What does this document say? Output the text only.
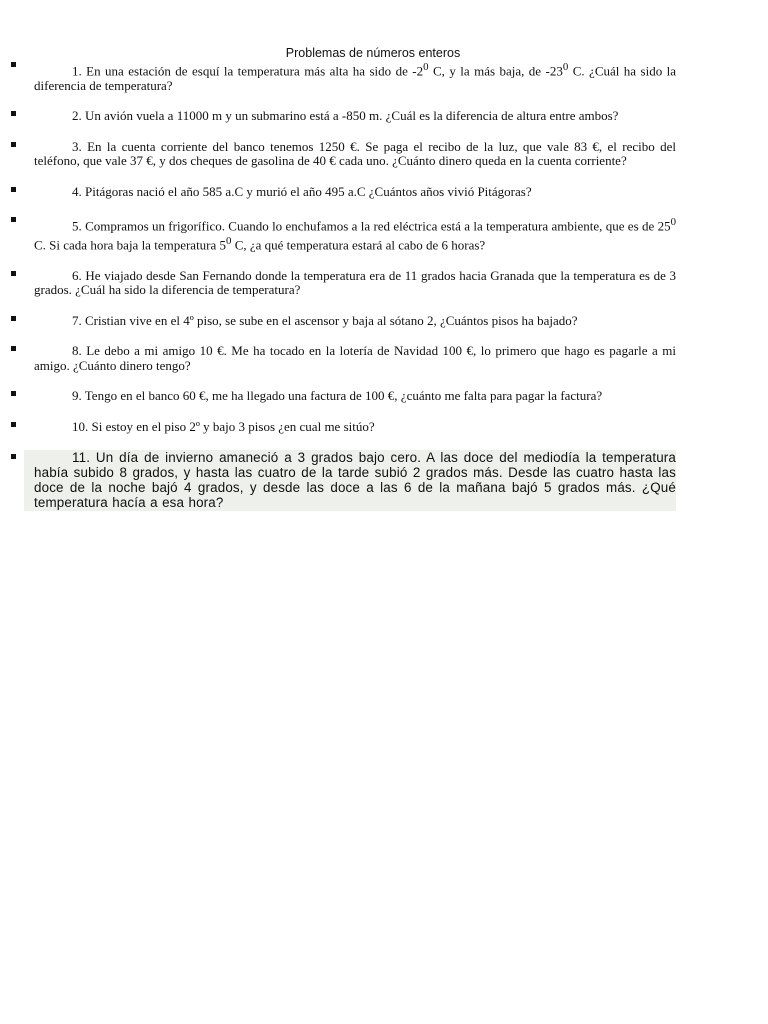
Problemas de números enteros
1. En una estación de esquí la temperatura más alta ha sido de $-2^0$ C, y la más baja, de $-23^0$ C. ¿Cuál ha sido la diferencia de temperatura?
2. Un avión vuela a 11000 m y un submarino está a -850 m. ¿Cuál es la diferencia de altura entre ambos?
3. En la cuenta corriente del banco tenemos 1250 €. Se paga el recibo de la luz, que vale 83 €, el recibo del teléfono, que vale 37 €, y dos cheques de gasolina de 40 € cada uno. ¿Cuánto dinero queda en la cuenta corriente?
4. Pitágoras nació el año 585 a.C y murió el año 495 a.C ¿Cuántos años vivió Pitágoras?
5. Compramos un frigorífico. Cuando lo enchufamos a la red eléctrica está a la temperatura ambiente, que es de $25^0$ C. Si cada hora baja la temperatura $5^0$ C, ¿a qué temperatura estará al cabo de 6 horas?
6. He viajado desde San Fernando donde la temperatura era de 11 grados hacia Granada que la temperatura es de 3 grados. ¿Cuál ha sido la diferencia de temperatura?
7. Cristian vive en el 4º piso, se sube en el ascensor y baja al sótano 2, ¿Cuántos pisos ha bajado?
8. Le debo a mi amigo 10 €. Me ha tocado en la lotería de Navidad 100 €, lo primero que hago es pagarle a mi amigo. ¿Cuánto dinero tengo?
9. Tengo en el banco 60 €, me ha llegado una factura de 100 €, ¿cuánto me falta para pagar la factura?
10. Si estoy en el piso 2º y bajo 3 pisos ¿en cual me sitúo?
11. Un día de invierno amaneció a 3 grados bajo cero. A las doce del mediodía la temperatura había subido 8 grados, y hasta las cuatro de la tarde subió 2 grados más. Desde las cuatro hasta las doce de la noche bajó 4 grados, y desde las doce a las 6 de la mañana bajó 5 grados más. ¿Qué temperatura hacía a esa hora?
